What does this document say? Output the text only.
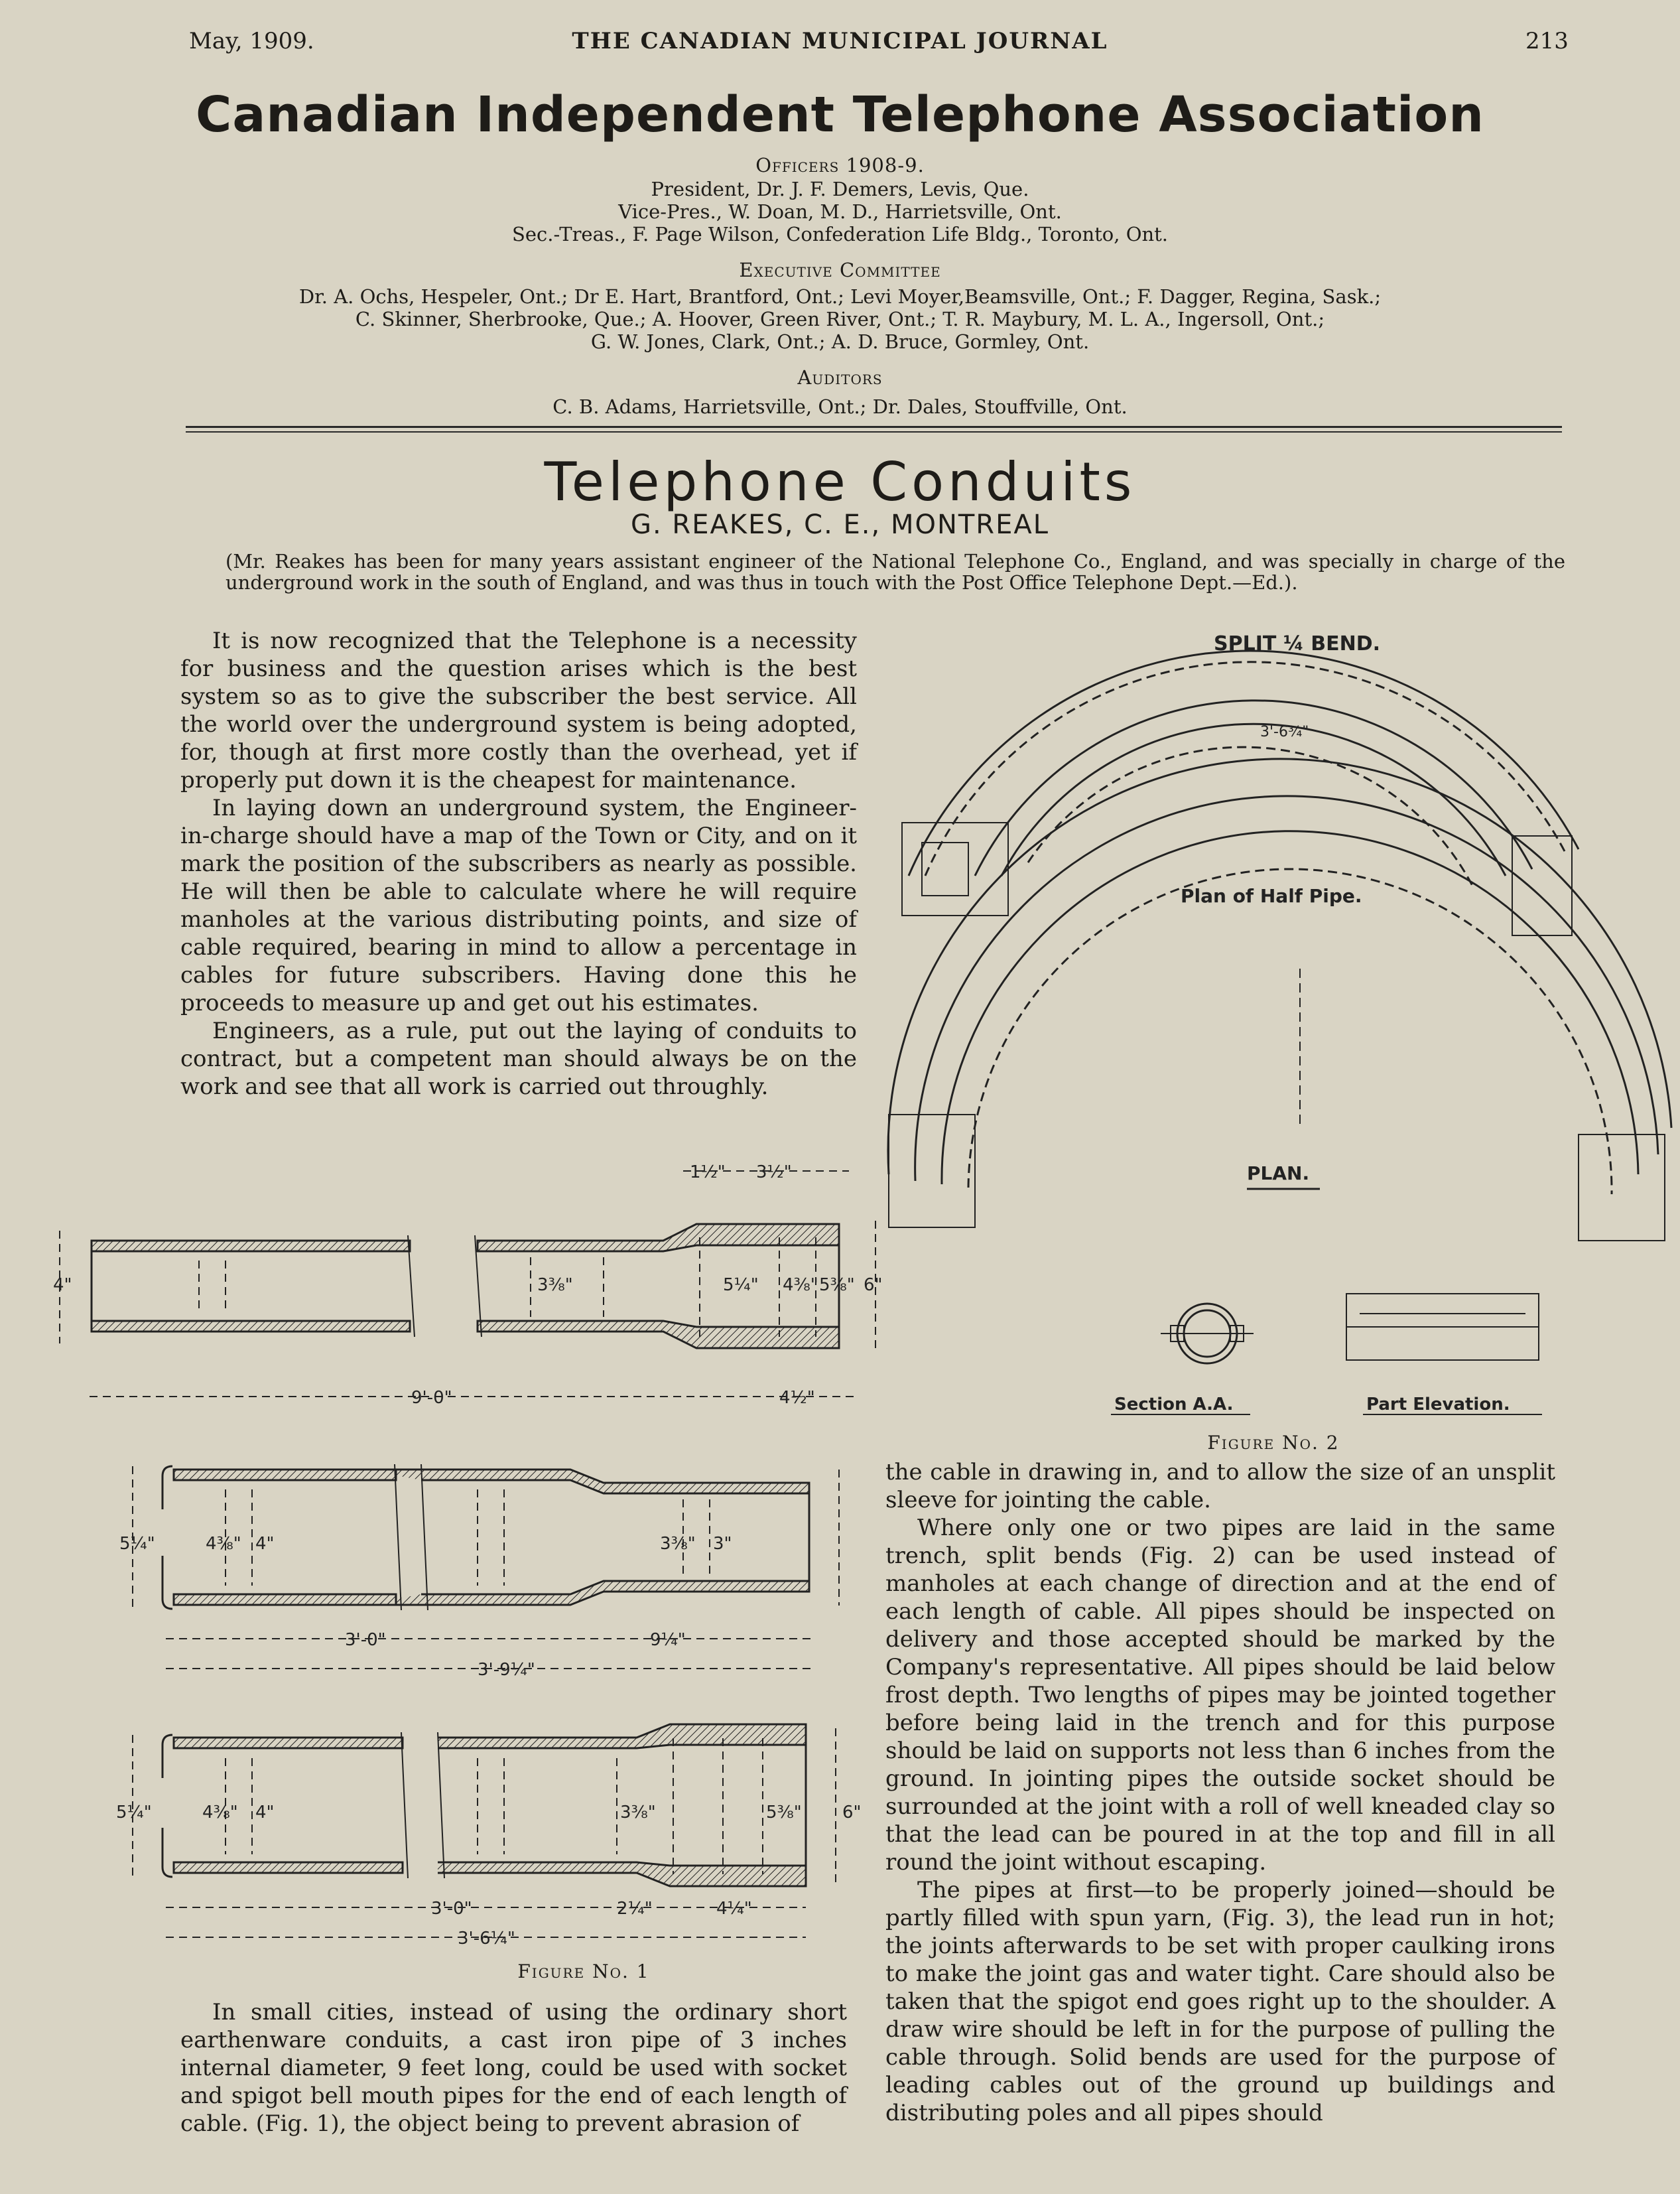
May, 1909.	THE CANADIAN MUNICIPAL JOURNAL	213
Canadian Independent Telephone Association
Officers 1908-9.
President, Dr. J. F. Demers, Levis, Que.
Vice-Pres., W. Doan, M. D., Harrietsville, Ont.
Sec.-Treas., F. Page Wilson, Confederation Life Bldg., Toronto, Ont.
Executive Committee
Dr. A. Ochs, Hespeler, Ont.; Dr E. Hart, Brantford, Ont.; Levi Moyer,Beamsville, Ont.; F. Dagger, Regina, Sask.;
C. Skinner, Sherbrooke, Que.; A. Hoover, Green River, Ont.; T. R. Maybury, M. L. A., Ingersoll, Ont.;
G. W. Jones, Clark, Ont.; A. D. Bruce, Gormley, Ont.
Auditors
C. B. Adams, Harrietsville, Ont.; Dr. Dales, Stouffville, Ont.
Telephone Conduits
G. REAKES, C. E., MONTREAL
(Mr. Reakes has been for many years assistant engineer of the National Telephone Co., England, and was specially in charge of the underground work in the south of England, and was thus in touch with the Post Office Telephone Dept.—Ed.).

It is now recognized that the Telephone is a necessity for business and the question arises which is the best system so as to give the subscriber the best service. All the world over the underground system is being adopted, for, though at first more costly than the overhead, yet if properly put down it is the cheapest for maintenance.

In laying down an underground system, the Engineer-in-charge should have a map of the Town or City, and on it mark the position of the subscribers as nearly as possible. He will then be able to calculate where he will require manholes at the various distributing points, and size of cable required, bearing in mind to allow a percentage in cables for future subscribers. Having done this he proceeds to measure up and get out his estimates.

Engineers, as a rule, put out the laying of conduits to contract, but a competent man should always be on the work and see that all work is carried out throughly.

9'-0"	4½"
1½" 3½"
3⅜"	5¼" 4⅜" 5⅜" 6"
4"
3'-0"	9¼"
3'-9¼"
5¼"	4⅜" 4"	3⅜" 3"
3'-0"	2¼"	4¼"
3'-6¼"
5¼"	4⅜" 4"	3⅜"	5⅜" 6"
Figure No. 1

In small cities, instead of using the ordinary short earthenware conduits, a cast iron pipe of 3 inches internal diameter, 9 feet long, could be used with socket and spigot bell mouth pipes for the end of each length of cable. (Fig. 1), the object being to prevent abrasion of

SPLIT ¼ BEND.
Plan of Half Pipe.
PLAN.
Section A.A.	Part Elevation.
3'-6¾"
Figure No. 2

the cable in drawing in, and to allow the size of an unsplit sleeve for jointing the cable.

Where only one or two pipes are laid in the same trench, split bends (Fig. 2) can be used instead of manholes at each change of direction and at the end of each length of cable. All pipes should be inspected on delivery and those accepted should be marked by the Company's representative. All pipes should be laid below frost depth. Two lengths of pipes may be jointed together before being laid in the trench and for this purpose should be laid on supports not less than 6 inches from the ground. In jointing pipes the outside socket should be surrounded at the joint with a roll of well kneaded clay so that the lead can be poured in at the top and fill in all round the joint without escaping.

The pipes at first—to be properly joined—should be partly filled with spun yarn, (Fig. 3), the lead run in hot; the joints afterwards to be set with proper caulking irons to make the joint gas and water tight. Care should also be taken that the spigot end goes right up to the shoulder. A draw wire should be left in for the purpose of pulling the cable through. Solid bends are used for the purpose of leading cables out of the ground up buildings and distributing poles and all pipes should
